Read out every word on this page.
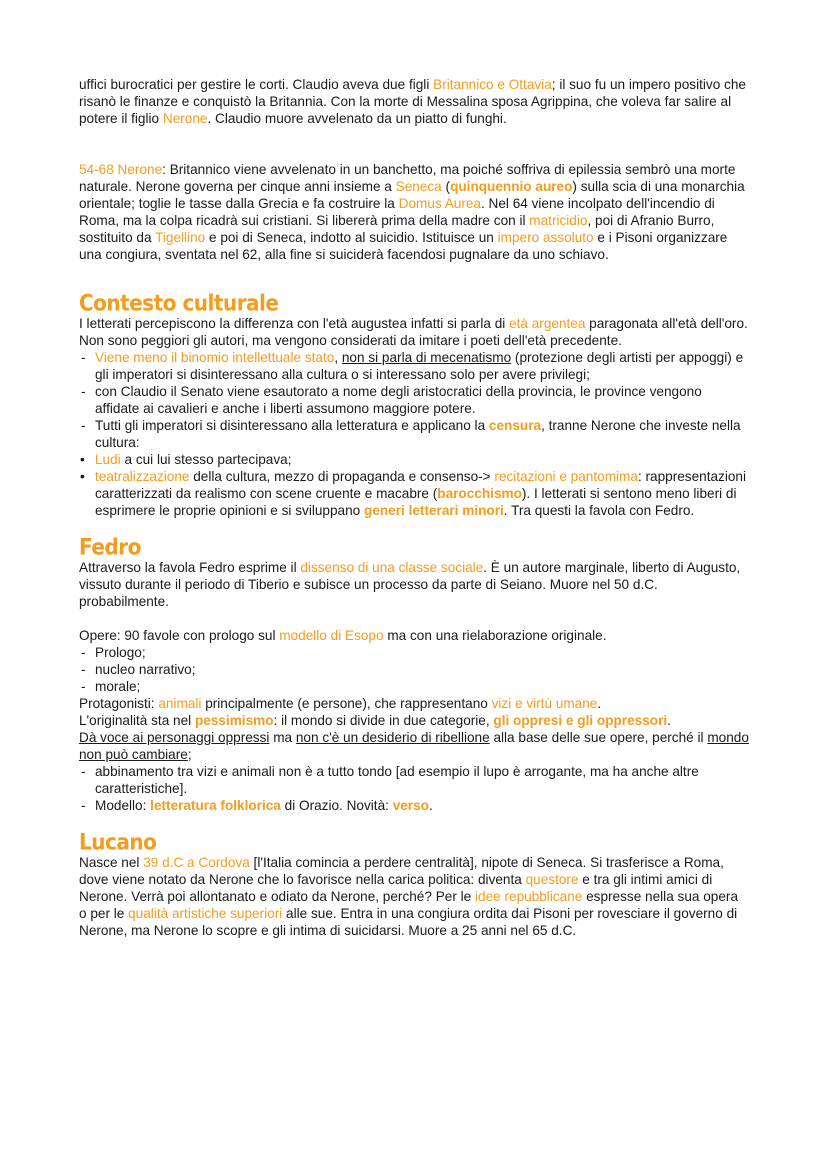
uffici burocratici per gestire le corti. Claudio aveva due figli Britannico e Ottavia; il suo fu un impero positivo che risanò le finanze e conquistò la Britannia. Con la morte di Messalina sposa Agrippina, che voleva far salire al potere il figlio Nerone. Claudio muore avvelenato da un piatto di funghi.

54-68 Nerone: Britannico viene avvelenato in un banchetto, ma poiché soffriva di epilessia sembrò una morte naturale. Nerone governa per cinque anni insieme a Seneca (quinquennio aureo) sulla scia di una monarchia orientale; toglie le tasse dalla Grecia e fa costruire la Domus Aurea. Nel 64 viene incolpato dell'incendio di Roma, ma la colpa ricadrà sui cristiani. Si libererà prima della madre con il matricidio, poi di Afranio Burro, sostituito da Tigellino e poi di Seneca, indotto al suicidio. Istituisce un impero assoluto e i Pisoni organizzare una congiura, sventata nel 62, alla fine si suiciderà facendosi pugnalare da uno schiavo.

Contesto culturale

I letterati percepiscono la differenza con l'età augustea infatti si parla di età argentea paragonata all'età dell'oro. Non sono peggiori gli autori, ma vengono considerati da imitare i poeti dell'età precedente.

- Viene meno il binomio intellettuale stato, non si parla di mecenatismo (protezione degli artisti per appoggi) e gli imperatori si disinteressano alla cultura o si interessano solo per avere privilegi;
- con Claudio il Senato viene esautorato a nome degli aristocratici della provincia, le province vengono affidate ai cavalieri e anche i liberti assumono maggiore potere.
- Tutti gli imperatori si disinteressano alla letteratura e applicano la censura, tranne Nerone che investe nella cultura:
• Ludi a cui lui stesso partecipava;
• teatralizzazione della cultura, mezzo di propaganda e consenso-> recitazioni e pantomima: rappresentazioni caratterizzati da realismo con scene cruente e macabre (barocchismo). I letterati si sentono meno liberi di esprimere le proprie opinioni e si sviluppano generi letterari minori. Tra questi la favola con Fedro.
Fedro

Attraverso la favola Fedro esprime il dissenso di una classe sociale. È un autore marginale, liberto di Augusto, vissuto durante il periodo di Tiberio e subisce un processo da parte di Seiano. Muore nel 50 d.C. probabilmente.

Opere: 90 favole con prologo sul modello di Esopo ma con una rielaborazione originale.

- Prologo;
- nucleo narrativo;
- morale;

Protagonisti: animali principalmente (e persone), che rappresentano vizi e virtù umane.

L'originalità sta nel pessimismo: il mondo si divide in due categorie, gli oppresi e gli oppressori.

Dà voce ai personaggi oppressi ma non c'è un desiderio di ribellione alla base delle sue opere, perché il mondo non può cambiare;

- abbinamento tra vizi e animali non è a tutto tondo [ad esempio il lupo è arrogante, ma ha anche altre caratteristiche].
- Modello: letteratura folklorica di Orazio. Novità: verso.
Lucano

Nasce nel 39 d.C a Cordova [l'Italia comincia a perdere centralità], nipote di Seneca. Si trasferisce a Roma, dove viene notato da Nerone che lo favorisce nella carica politica: diventa questore e tra gli intimi amici di Nerone. Verrà poi allontanato e odiato da Nerone, perché? Per le idee repubblicane espresse nella sua opera o per le qualità artistiche superiori alle sue. Entra in una congiura ordita dai Pisoni per rovesciare il governo di Nerone, ma Nerone lo scopre e gli intima di suicidarsi. Muore a 25 anni nel 65 d.C.
